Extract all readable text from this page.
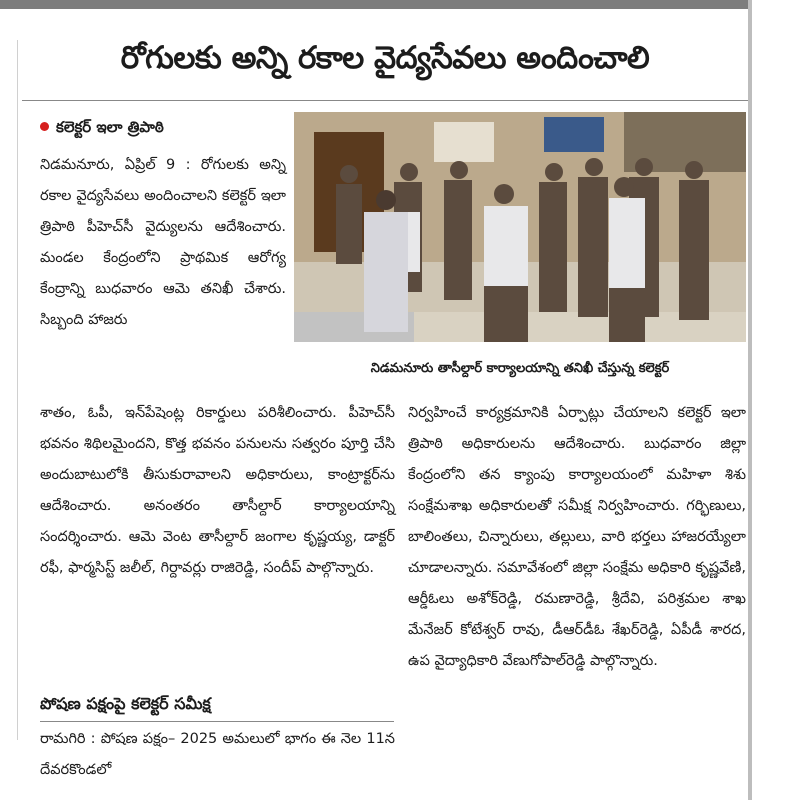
రోగులకు అన్ని రకాల వైద్యసేవలు అందించాలి
కలెక్టర్ ఇలా త్రిపాఠి
నిడమనూరు తాసీల్దార్ కార్యాలయాన్ని తనిఖీ చేస్తున్న కలెక్టర్

నిడమనూరు, ఏప్రిల్ 9 : రోగులకు అన్ని రకాల వైద్యసేవలు అందించాలని కలెక్టర్ ఇలా త్రిపాఠి పీహెచ్‌సీ వైద్యులను ఆదేశించారు. మండల కేంద్రంలోని ప్రాథమిక ఆరోగ్య కేంద్రాన్ని బుధవారం ఆమె తనిఖీ చేశారు. సిబ్బంది హాజరు

శాతం, ఓపీ, ఇన్‌పేషెంట్ల రికార్డులు పరిశీలించారు. పీహెచ్‌సీ భవనం శిథిలమైందని, కొత్త భవనం పనులను సత్వరం పూర్తి చేసి అందుబాటులోకి తీసుకురావాలని అధికారులు, కాంట్రాక్టర్‌ను ఆదేశించారు. అనంతరం తాసీల్దార్ కార్యాలయాన్ని సందర్శించారు. ఆమె వెంట తాసీల్దార్ జంగాల కృష్ణయ్య, డాక్టర్ రఫీ, ఫార్మసిస్ట్ జలీల్, గిర్దావర్లు రాజిరెడ్డి, సందీప్ పాల్గొన్నారు.

నిర్వహించే కార్యక్రమానికి ఏర్పాట్లు చేయాలని కలెక్టర్ ఇలా త్రిపాఠి అధికారులను ఆదేశించారు. బుధవారం జిల్లా కేంద్రంలోని తన క్యాంపు కార్యాలయంలో మహిళా శిశు సంక్షేమశాఖ అధికారులతో సమీక్ష నిర్వహించారు. గర్భిణులు, బాలింతలు, చిన్నారులు, తల్లులు, వారి భర్తలు హాజరయ్యేలా చూడాలన్నారు. సమావేశంలో జిల్లా సంక్షేమ అధికారి కృష్ణవేణి, ఆర్డీఓలు అశోక్‌రెడ్డి, రమణారెడ్డి, శ్రీదేవి, పరిశ్రమల శాఖ మేనేజర్ కోటేశ్వర్ రావు, డీఆర్‌డీఓ శేఖర్‌రెడ్డి, ఏపీడీ శారద, ఉప వైద్యాధికారి వేణుగోపాల్‌రెడ్డి పాల్గొన్నారు.

పోషణ పక్షంపై కలెక్టర్ సమీక్ష

రామగిరి : పోషణ పక్షం– 2025 అమలులో భాగం ఈ నెల 11న దేవరకొండలో
